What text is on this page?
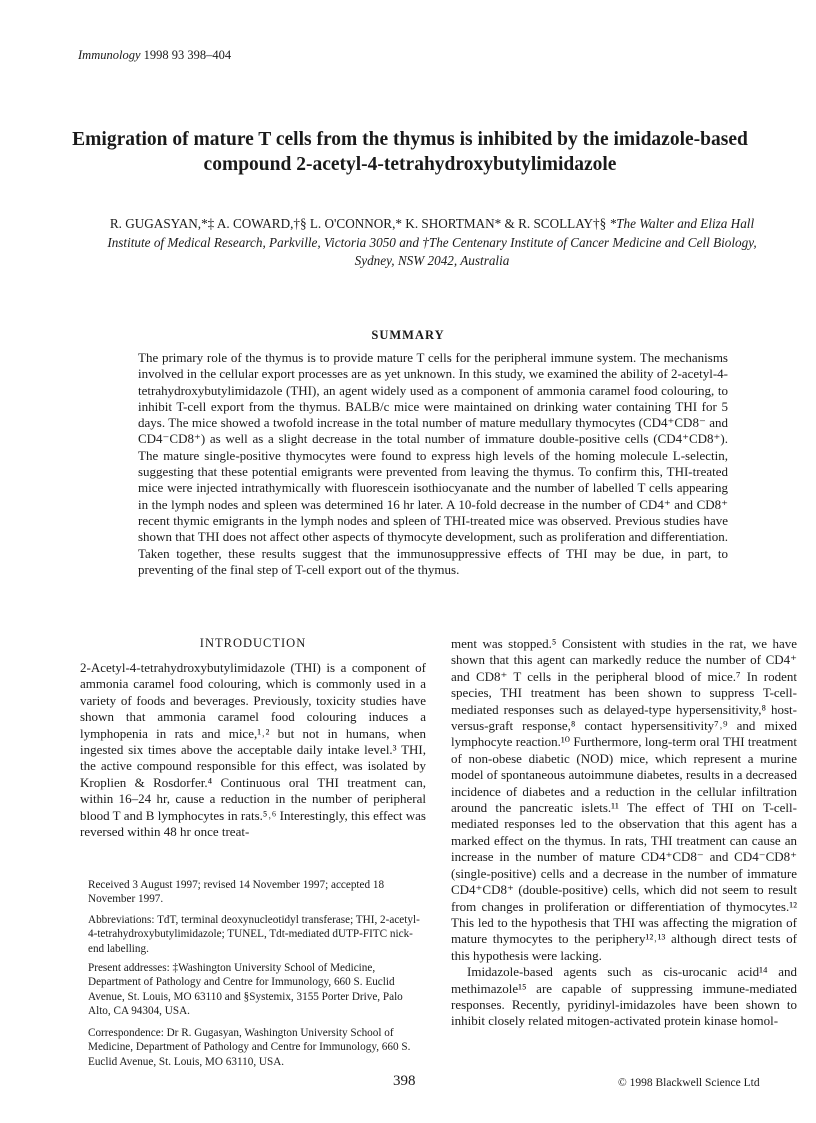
Immunology 1998 93 398–404
Emigration of mature T cells from the thymus is inhibited by the imidazole-based
compound 2-acetyl-4-tetrahydroxybutylimidazole
R. GUGASYAN,*‡ A. COWARD,†§ L. O'CONNOR,* K. SHORTMAN* & R. SCOLLAY†§ *The Walter and Eliza Hall Institute of Medical Research, Parkville, Victoria 3050 and †The Centenary Institute of Cancer Medicine and Cell Biology, Sydney, NSW 2042, Australia
SUMMARY
The primary role of the thymus is to provide mature T cells for the peripheral immune system. The mechanisms involved in the cellular export processes are as yet unknown. In this study, we examined the ability of 2-acetyl-4-tetrahydroxybutylimidazole (THI), an agent widely used as a component of ammonia caramel food colouring, to inhibit T-cell export from the thymus. BALB/c mice were maintained on drinking water containing THI for 5 days. The mice showed a twofold increase in the total number of mature medullary thymocytes (CD4⁺CD8⁻ and CD4⁻CD8⁺) as well as a slight decrease in the total number of immature double-positive cells (CD4⁺CD8⁺). The mature single-positive thymocytes were found to express high levels of the homing molecule L-selectin, suggesting that these potential emigrants were prevented from leaving the thymus. To confirm this, THI-treated mice were injected intrathymically with fluorescein isothiocyanate and the number of labelled T cells appearing in the lymph nodes and spleen was determined 16 hr later. A 10-fold decrease in the number of CD4⁺ and CD8⁺ recent thymic emigrants in the lymph nodes and spleen of THI-treated mice was observed. Previous studies have shown that THI does not affect other aspects of thymocyte development, such as proliferation and differentiation. Taken together, these results suggest that the immunosuppressive effects of THI may be due, in part, to preventing of the final step of T-cell export out of the thymus.

2-Acetyl-4-tetrahydroxybutylimidazole (THI) is a component of ammonia caramel food colouring, which is commonly used in a variety of foods and beverages. Previously, toxicity studies have shown that ammonia caramel food colouring induces a lymphopenia in rats and mice,¹˒² but not in humans, when ingested six times above the acceptable daily intake level.³ THI, the active compound responsible for this effect, was isolated by Kroplien & Rosdorfer.⁴ Continuous oral THI treatment can, within 16–24 hr, cause a reduction in the number of peripheral blood T and B lymphocytes in rats.⁵˒⁶ Interestingly, this effect was reversed within 48 hr once treat-

INTRODUCTION

Received 3 August 1997; revised 14 November 1997; accepted 18 November 1997.

Abbreviations: TdT, terminal deoxynucleotidyl transferase; THI, 2-acetyl-4-tetrahydroxybutylimidazole; TUNEL, Tdt-mediated dUTP-FITC nick-end labelling.

Present addresses: ‡Washington University School of Medicine, Department of Pathology and Centre for Immunology, 660 S. Euclid Avenue, St. Louis, MO 63110 and §Systemix, 3155 Porter Drive, Palo Alto, CA 94304, USA.

Correspondence: Dr R. Gugasyan, Washington University School of Medicine, Department of Pathology and Centre for Immunology, 660 S. Euclid Avenue, St. Louis, MO 63110, USA.

ment was stopped.⁵ Consistent with studies in the rat, we have shown that this agent can markedly reduce the number of CD4⁺ and CD8⁺ T cells in the peripheral blood of mice.⁷ In rodent species, THI treatment has been shown to suppress T-cell-mediated responses such as delayed-type hypersensitivity,⁸ host-versus-graft response,⁸ contact hypersensitivity⁷˒⁹ and mixed lymphocyte reaction.¹⁰ Furthermore, long-term oral THI treatment of non-obese diabetic (NOD) mice, which represent a murine model of spontaneous autoimmune diabetes, results in a decreased incidence of diabetes and a reduction in the cellular infiltration around the pancreatic islets.¹¹ The effect of THI on T-cell-mediated responses led to the observation that this agent has a marked effect on the thymus. In rats, THI treatment can cause an increase in the number of mature CD4⁺CD8⁻ and CD4⁻CD8⁺ (single-positive) cells and a decrease in the number of immature CD4⁺CD8⁺ (double-positive) cells, which did not seem to result from changes in proliferation or differentiation of thymocytes.¹² This led to the hypothesis that THI was affecting the migration of mature thymocytes to the periphery¹²˒¹³ although direct tests of this hypothesis were lacking.

Imidazole-based agents such as cis-urocanic acid¹⁴ and methimazole¹⁵ are capable of suppressing immune-mediated responses. Recently, pyridinyl-imidazoles have been shown to inhibit closely related mitogen-activated protein kinase homol-

398	© 1998 Blackwell Science Ltd
